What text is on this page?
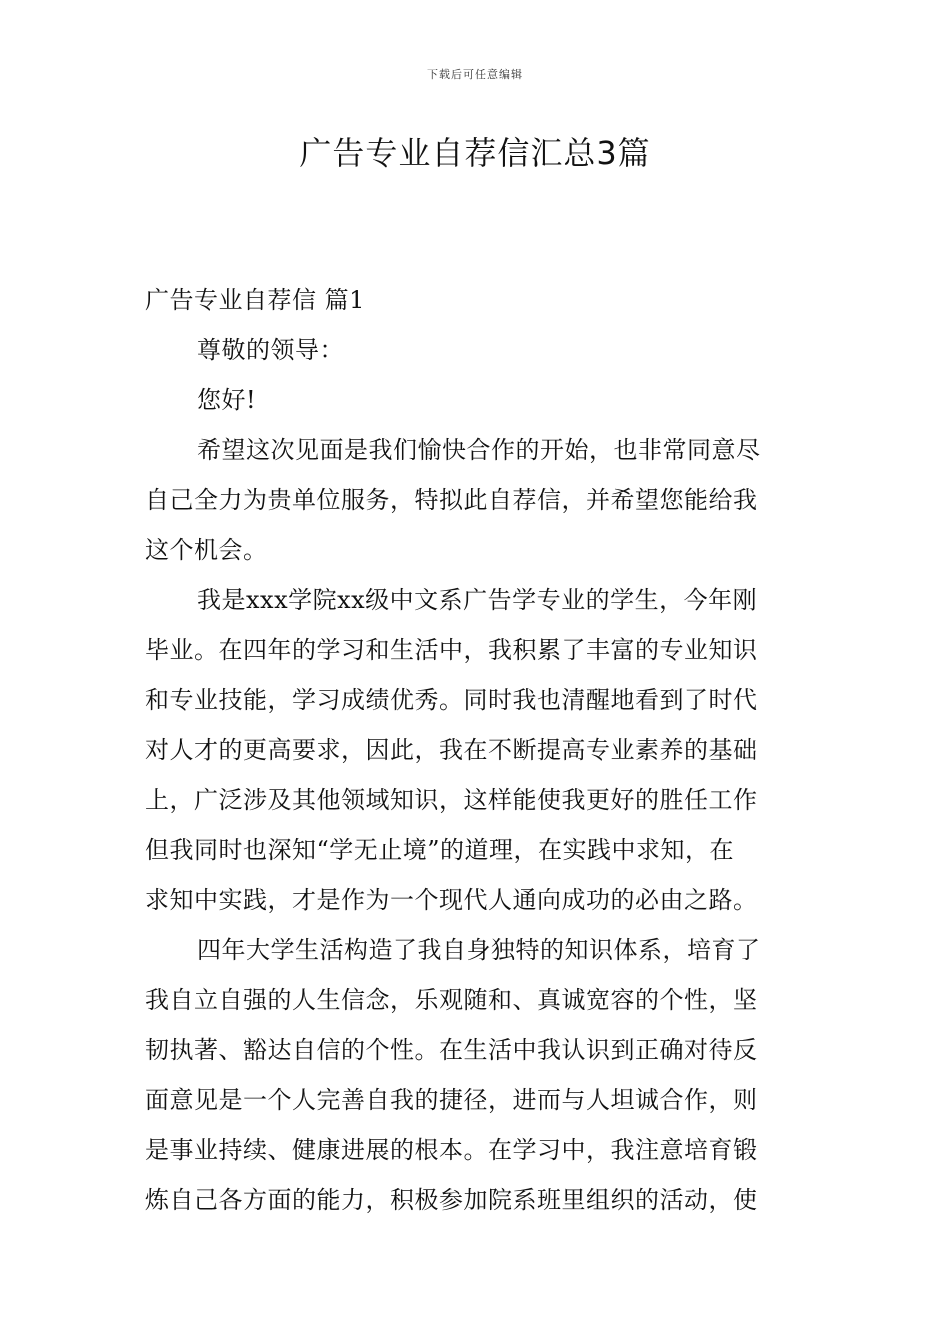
下载后可任意编辑
广告专业自荐信汇总3篇
广告专业自荐信 篇1
尊敬的领导：
您好!
希望这次见面是我们愉快合作的开始，也非常同意尽
自己全力为贵单位服务，特拟此自荐信，并希望您能给我
这个机会。
我是xxx学院xx级中文系广告学专业的学生，今年刚
毕业。在四年的学习和生活中，我积累了丰富的专业知识
和专业技能，学习成绩优秀。同时我也清醒地看到了时代
对人才的更高要求，因此，我在不断提高专业素养的基础
上，广泛涉及其他领域知识，这样能使我更好的胜任工作
但我同时也深知“学无止境”的道理，在实践中求知，在
求知中实践，才是作为一个现代人通向成功的必由之路。
四年大学生活构造了我自身独特的知识体系，培育了
我自立自强的人生信念，乐观随和、真诚宽容的个性，坚
韧执著、豁达自信的个性。在生活中我认识到正确对待反
面意见是一个人完善自我的捷径，进而与人坦诚合作，则
是事业持续、健康进展的根本。在学习中，我注意培育锻
炼自己各方面的能力，积极参加院系班里组织的活动，使
